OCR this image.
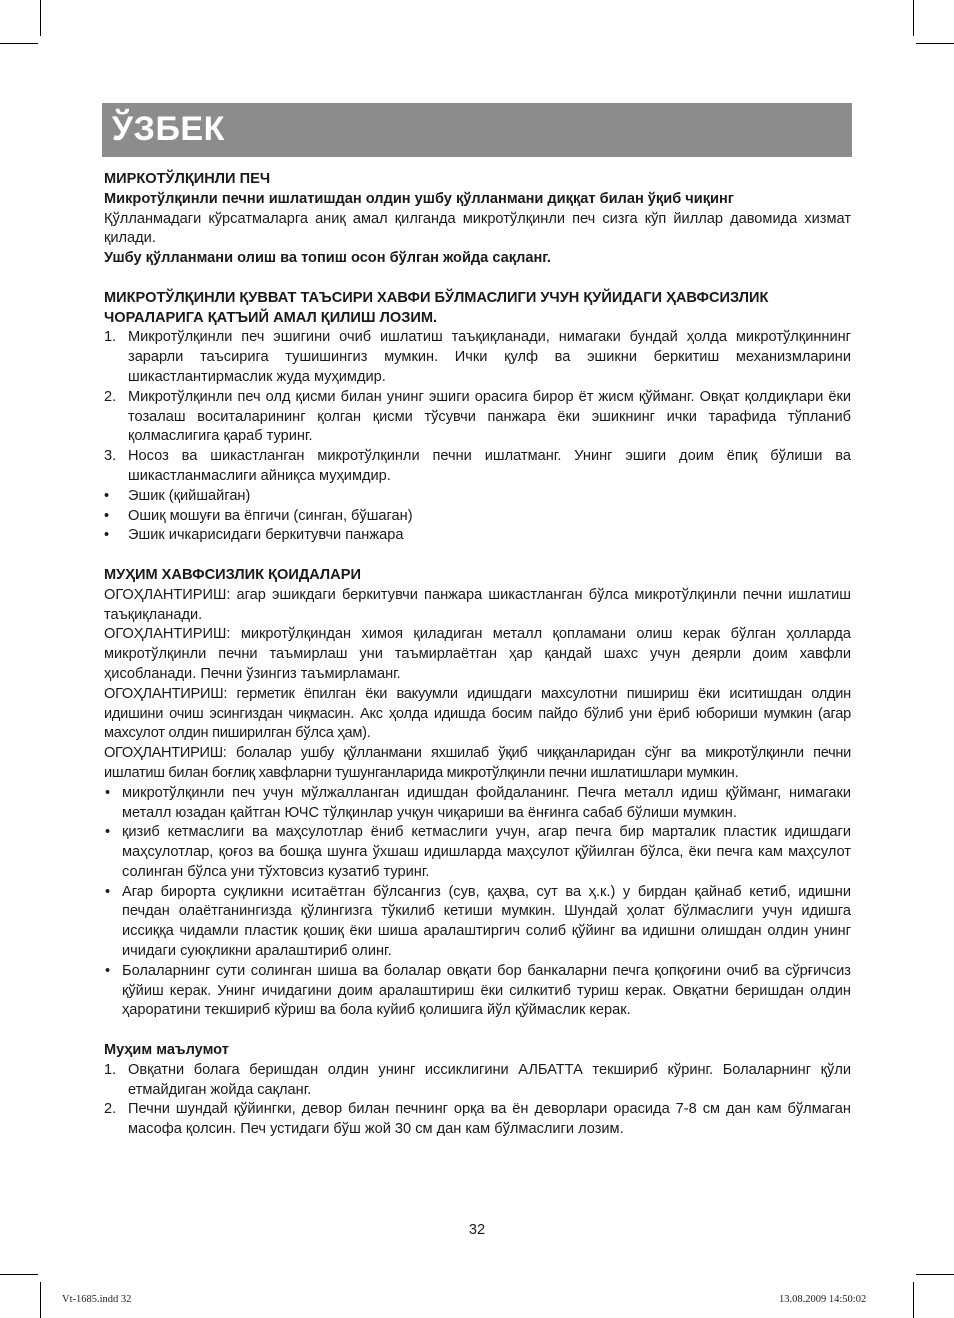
ЎЗБЕК

МИРКОТЎЛҚИНЛИ ПЕЧ

Микротўлқинли печни ишлатишдан олдин ушбу қўлланмани диққат билан ўқиб чиқинг

Қўлланмадаги кўрсатмаларга аниқ амал қилганда микротўлқинли печ сизга кўп йиллар давомида хизмат қилади.

Ушбу қўлланмани олиш ва топиш осон бўлган жойда сақланг.

МИКРОТЎЛҚИНЛИ ҚУВВАТ ТАЪСИРИ ХАВФИ БЎЛМАСЛИГИ УЧУН ҚУЙИДАГИ ҲАВФСИЗЛИК ЧОРАЛАРИГА ҚАТЪИЙ АМАЛ ҚИЛИШ ЛОЗИМ.

1. Микротўлқинли печ эшигини очиб ишлатиш таъқиқланади, нимагаки бундай ҳолда микротўлқиннинг зарарли таъсирига тушишингиз мумкин. Ички қулф ва эшикни беркитиш механизмларини шикастлантирмаслик жуда муҳимдир.
2. Микротўлқинли печ олд қисми билан унинг эшиги орасига бирор ёт жисм қўйманг. Овқат қолдиқлари ёки тозалаш воситаларининг қолган қисми тўсувчи панжара ёки эшикнинг ички тарафида тўпланиб қолмаслигига қараб туринг.
3. Носоз ва шикастланган микротўлқинли печни ишлатманг. Унинг эшиги доим ёпиқ бўлиши ва шикастланмаслиги айниқса муҳимдир.
• Эшик (қийшайган)
• Ошиқ мошуғи ва ёпгичи (синган, бўшаган)
• Эшик ичкарисидаги беркитувчи панжара

МУҲИМ ХАВФСИЗЛИК ҚОИДАЛАРИ

ОГОҲЛАНТИРИШ: агар эшикдаги беркитувчи панжара шикастланган бўлса микротўлқинли печни ишлатиш таъқиқланади.

ОГОҲЛАНТИРИШ: микротўлқиндан химоя қиладиган металл қопламани олиш керак бўлган ҳолларда микротўлқинли печни таъмирлаш уни таъмирлаётган ҳар қандай шахс учун деярли доим хавфли ҳисобланади. Печни ўзингиз таъмирламанг.

ОГОҲЛАНТИРИШ: герметик ёпилган ёки вакуумли идишдаги махсулотни пишириш ёки иситишдан олдин идишини очиш эсингиздан чиқмасин. Акс ҳолда идишда босим пайдо бўлиб уни ёриб юбориши мумкин (агар махсулот олдин пиширилган бўлса ҳам).

ОГОҲЛАНТИРИШ: болалар ушбу қўлланмани яхшилаб ўқиб чиққанларидан сўнг ва микротўлқинли печни ишлатиш билан боғлиқ хавфларни тушунганларида микротўлқинли печни ишлатишлари мумкин.

• микротўлқинли печ учун мўлжалланган идишдан фойдаланинг. Печга металл идиш қўйманг, нимагаки металл юзадан қайтган ЮЧС тўлқинлар учқун чиқариши ва ёнғинга сабаб бўлиши мумкин.
• қизиб кетмаслиги ва маҳсулотлар ёниб кетмаслиги учун, агар печга бир марталик пластик идишдаги маҳсулотлар, қоғоз ва бошқа шунга ўхшаш идишларда маҳсулот қўйилган бўлса, ёки печга кам маҳсулот солинган бўлса уни тўхтовсиз кузатиб туринг.
• Агар бирорта суқликни иситаётган бўлсангиз (сув, қаҳва, сут ва ҳ.к.) у бирдан қайнаб кетиб, идишни печдан олаётганингизда қўлингизга тўкилиб кетиши мумкин. Шундай ҳолат бўлмаслиги учун идишга иссиққа чидамли пластик қошиқ ёки шиша аралаштиргич солиб қўйинг ва идишни олишдан олдин унинг ичидаги суюқликни аралаштириб олинг.
• Болаларнинг сути солинган шиша ва болалар овқати бор банкаларни печга қопқоғини очиб ва сўрғичсиз қўйиш керак. Унинг ичидагини доим аралаштириш ёки силкитиб туриш керак. Овқатни беришдан олдин ҳароратини текшириб кўриш ва бола куйиб қолишига йўл қўймаслик керак.

Муҳим маълумот

1. Овқатни болага беришдан олдин унинг иссиклигини АЛБАТТА текшириб кўринг. Болаларнинг қўли етмайдиган жойда сақланг.
2. Печни шундай қўйингки, девор билан печнинг орқа ва ён деворлари орасида 7-8 см дан кам бўлмаган масофа қолсин. Печ устидаги бўш жой 30 см дан кам бўлмаслиги лозим.
32
Vt-1685.indd 32	13.08.2009 14:50:02
